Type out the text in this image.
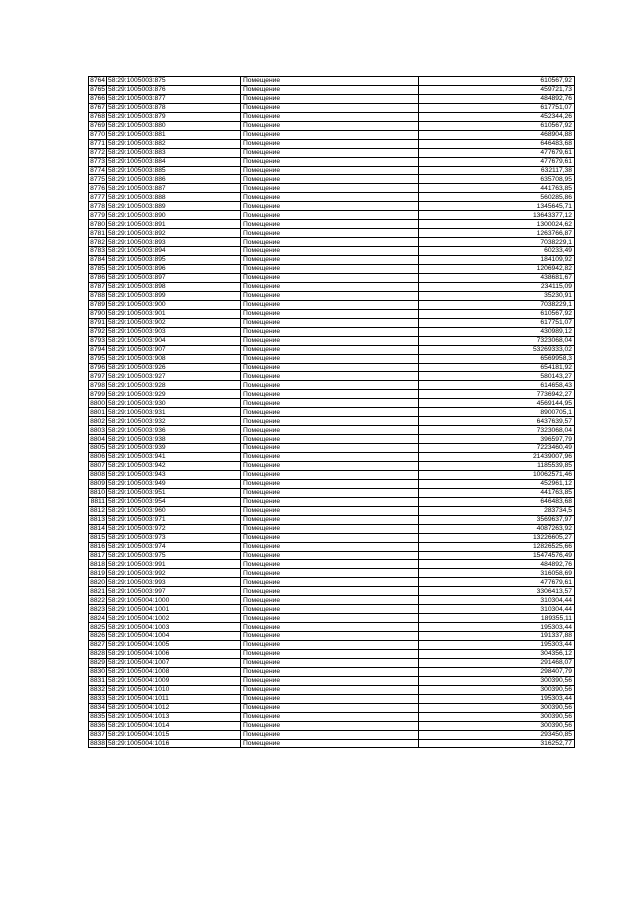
8764	58:29:1005003:875	Помещение	610567,92
8765	58:29:1005003:876	Помещение	459721,73
8766	58:29:1005003:877	Помещение	484892,76
8767	58:29:1005003:878	Помещение	617751,07
8768	58:29:1005003:879	Помещение	452344,26
8769	58:29:1005003:880	Помещение	610567,92
8770	58:29:1005003:881	Помещение	468904,88
8771	58:29:1005003:882	Помещение	646483,68
8772	58:29:1005003:883	Помещение	477679,61
8773	58:29:1005003:884	Помещение	477679,61
8774	58:29:1005003:885	Помещение	632117,38
8775	58:29:1005003:886	Помещение	635708,95
8776	58:29:1005003:887	Помещение	441763,85
8777	58:29:1005003:888	Помещение	560285,86
8778	58:29:1005003:889	Помещение	1345645,71
8779	58:29:1005003:890	Помещение	13643377,12
8780	58:29:1005003:891	Помещение	1300024,62
8781	58:29:1005003:892	Помещение	1263766,87
8782	58:29:1005003:893	Помещение	7038229,1
8783	58:29:1005003:894	Помещение	60233,49
8784	58:29:1005003:895	Помещение	184109,92
8785	58:29:1005003:896	Помещение	1206942,82
8786	58:29:1005003:897	Помещение	438681,67
8787	58:29:1005003:898	Помещение	234115,09
8788	58:29:1005003:899	Помещение	35230,91
8789	58:29:1005003:900	Помещение	7038229,1
8790	58:29:1005003:901	Помещение	610567,92
8791	58:29:1005003:902	Помещение	617751,07
8792	58:29:1005003:903	Помещение	430989,12
8793	58:29:1005003:904	Помещение	7323068,04
8794	58:29:1005003:907	Помещение	53269333,02
8795	58:29:1005003:908	Помещение	6569958,3
8796	58:29:1005003:926	Помещение	654181,92
8797	58:29:1005003:927	Помещение	580143,27
8798	58:29:1005003:928	Помещение	614658,43
8799	58:29:1005003:929	Помещение	7736942,27
8800	58:29:1005003:930	Помещение	4569144,95
8801	58:29:1005003:931	Помещение	8900705,1
8802	58:29:1005003:932	Помещение	6437639,57
8803	58:29:1005003:936	Помещение	7323068,04
8804	58:29:1005003:938	Помещение	396597,79
8805	58:29:1005003:939	Помещение	7223460,49
8806	58:29:1005003:941	Помещение	21439007,96
8807	58:29:1005003:942	Помещение	1185539,85
8808	58:29:1005003:943	Помещение	10062571,46
8809	58:29:1005003:949	Помещение	452961,12
8810	58:29:1005003:951	Помещение	441763,85
8811	58:29:1005003:954	Помещение	646483,68
8812	58:29:1005003:960	Помещение	283734,5
8813	58:29:1005003:971	Помещение	3569637,97
8814	58:29:1005003:972	Помещение	4087263,92
8815	58:29:1005003:973	Помещение	13226605,27
8816	58:29:1005003:974	Помещение	12826525,66
8817	58:29:1005003:975	Помещение	15474576,49
8818	58:29:1005003:991	Помещение	484892,76
8819	58:29:1005003:992	Помещение	316058,69
8820	58:29:1005003:993	Помещение	477679,61
8821	58:29:1005003:997	Помещение	3306413,57
8822	58:29:1005004:1000	Помещение	310304,44
8823	58:29:1005004:1001	Помещение	310304,44
8824	58:29:1005004:1002	Помещение	189355,11
8825	58:29:1005004:1003	Помещение	195303,44
8826	58:29:1005004:1004	Помещение	191337,88
8827	58:29:1005004:1005	Помещение	195303,44
8828	58:29:1005004:1006	Помещение	304356,12
8829	58:29:1005004:1007	Помещение	291468,07
8830	58:29:1005004:1008	Помещение	298407,79
8831	58:29:1005004:1009	Помещение	300390,56
8832	58:29:1005004:1010	Помещение	300390,56
8833	58:29:1005004:1011	Помещение	195303,44
8834	58:29:1005004:1012	Помещение	300390,56
8835	58:29:1005004:1013	Помещение	300390,56
8836	58:29:1005004:1014	Помещение	300390,56
8837	58:29:1005004:1015	Помещение	293450,85
8838	58:29:1005004:1016	Помещение	316252,77
